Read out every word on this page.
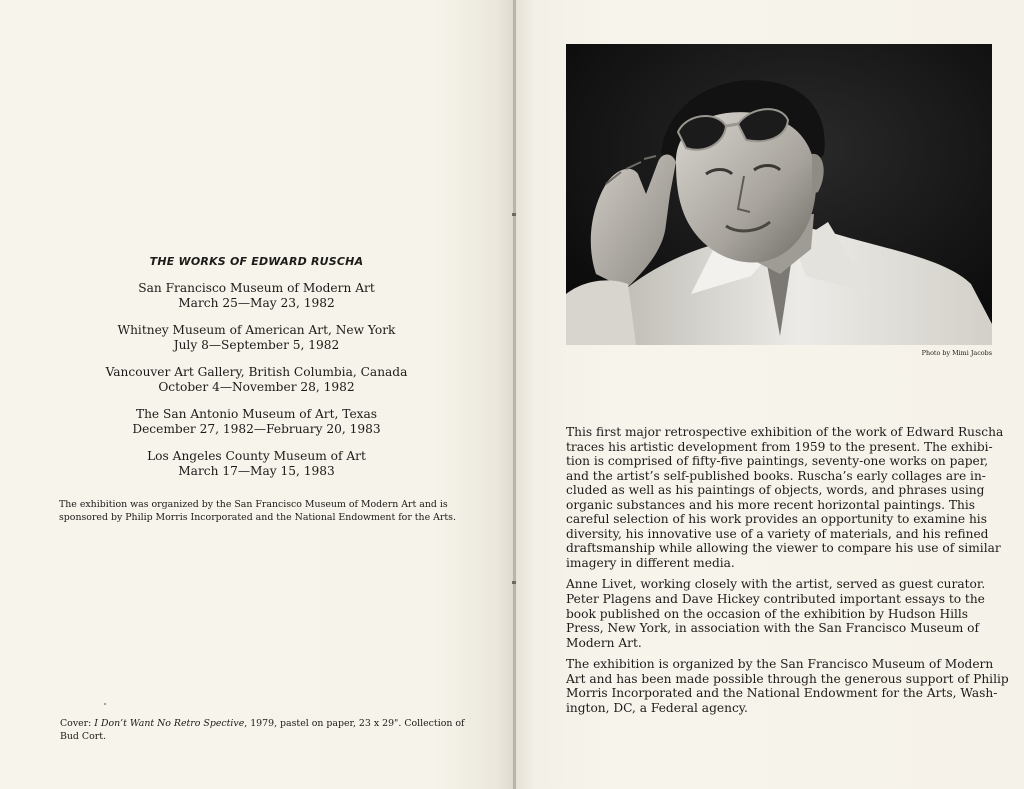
THE WORKS OF EDWARD RUSCHA
San Francisco Museum of Modern Art
March 25—May 23, 1982
Whitney Museum of American Art, New York
July 8—September 5, 1982
Vancouver Art Gallery, British Columbia, Canada
October 4—November 28, 1982
The San Antonio Museum of Art, Texas
December 27, 1982—February 20, 1983
Los Angeles County Museum of Art
March 17—May 15, 1983
The exhibition was organized by the San Francisco Museum of Modern Art and is
sponsored by Philip Morris Incorporated and the National Endowment for the Arts.
Cover: I Don’t Want No Retro Spective, 1979, pastel on paper, 23 x 29". Collection of
Bud Cort.
Photo by Mimi Jacobs
This first major retrospective exhibition of the work of Edward Ruscha
traces his artistic development from 1959 to the present. The exhibi-
tion is comprised of fifty-five paintings, seventy-one works on paper,
and the artist’s self-published books. Ruscha’s early collages are in-
cluded as well as his paintings of objects, words, and phrases using
organic substances and his more recent horizontal paintings. This
careful selection of his work provides an opportunity to examine his
diversity, his innovative use of a variety of materials, and his refined
draftsmanship while allowing the viewer to compare his use of similar
imagery in different media.
Anne Livet, working closely with the artist, served as guest curator.
Peter Plagens and Dave Hickey contributed important essays to the
book published on the occasion of the exhibition by Hudson Hills
Press, New York, in association with the San Francisco Museum of
Modern Art.
The exhibition is organized by the San Francisco Museum of Modern
Art and has been made possible through the generous support of Philip
Morris Incorporated and the National Endowment for the Arts, Wash-
ington, DC, a Federal agency.
